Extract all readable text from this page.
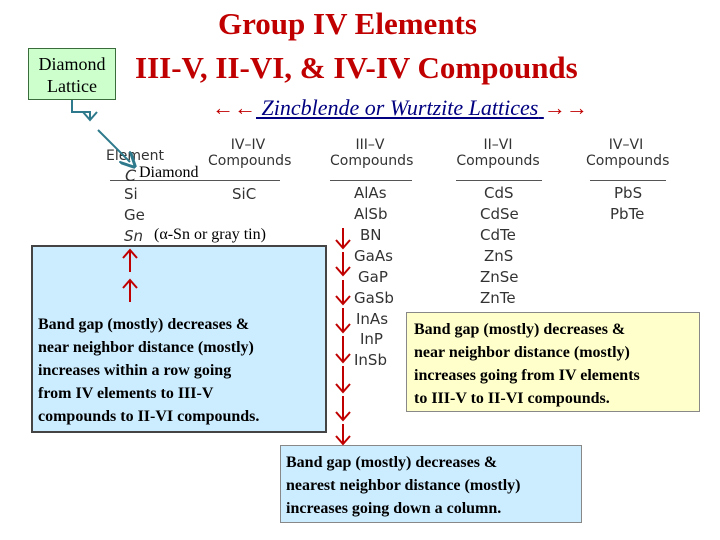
Group IV Elements
III-V, II-VI, & IV-IV Compounds
Diamond
Lattice
←← Zincblende or Wurtzite Lattices →→
Element
IV–IV
Compounds
III–V
Compounds
II–VI
Compounds
IV–VI
Compounds
C
Si
Ge
Sn
SiC	AlAs
AlSb
BN
GaAs
GaP
GaSb
InAs
InP
InSb
CdS
CdSe
CdTe
ZnS
ZnSe
ZnTe
PbS
PbTe
Diamond
(α-Sn or gray tin)
Band gap (mostly) decreases &
near neighbor distance (mostly)
increases within a row going
from IV elements to III-V
compounds to II-VI compounds.
Band gap (mostly) decreases &
near neighbor distance (mostly)
increases going from IV elements
to III-V to II-VI compounds.
Band gap (mostly) decreases &
nearest neighbor distance (mostly)
increases going down a column.
